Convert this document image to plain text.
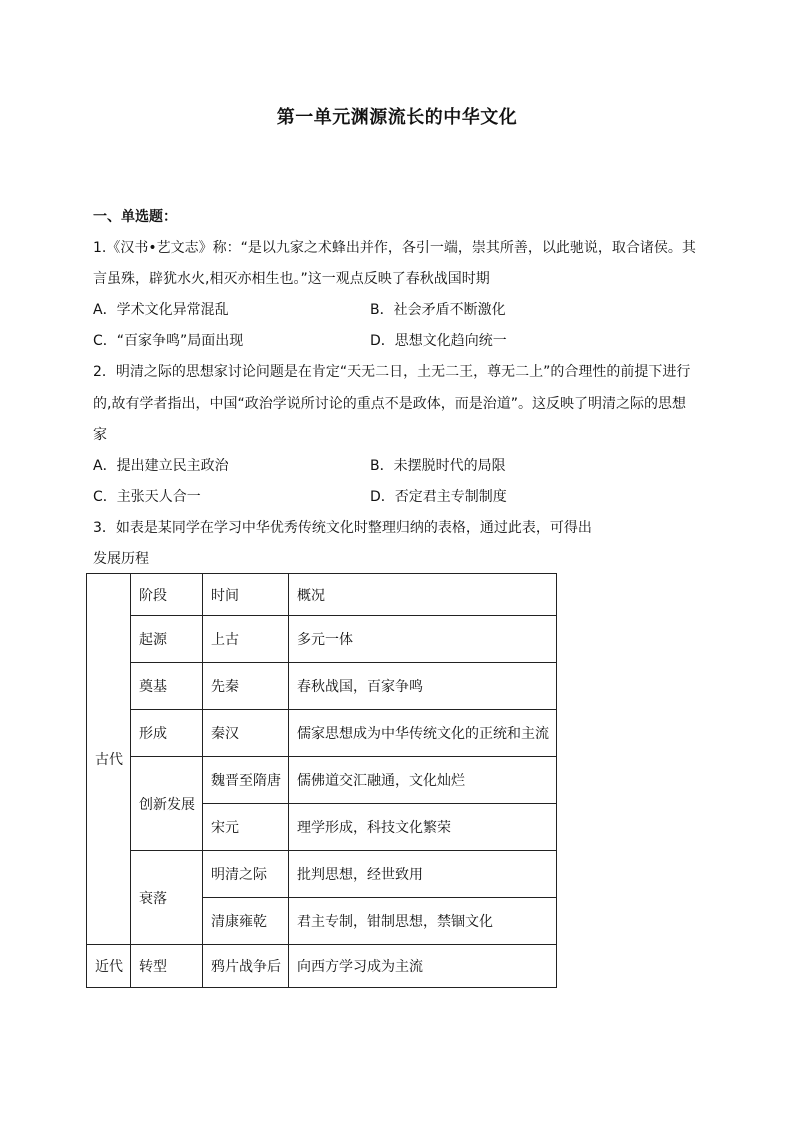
第一单元渊源流长的中华文化
一、单选题：
1.《汉书•艺文志》称：“是以九家之术蜂出并作，各引一端，崇其所善，以此驰说，取合诸侯。其
言虽殊，辟犹水火,相灭亦相生也。”这一观点反映了春秋战国时期
A．学术文化异常混乱	B．社会矛盾不断激化
C．“百家争鸣”局面出现	D．思想文化趋向统一
2．明清之际的思想家讨论问题是在肯定“天无二日，土无二王，尊无二上”的合理性的前提下进行
的,故有学者指出，中国“政治学说所讨论的重点不是政体，而是治道”。这反映了明清之际的思想
家
A．提出建立民主政治	B．未摆脱时代的局限
C．主张天人合一	D．否定君主专制制度
3．如表是某同学在学习中华优秀传统文化时整理归纳的表格，通过此表，可得出
发展历程
古代	阶段	时间	概况
	起源	上古	多元一体
	奠基	先秦	春秋战国，百家争鸣
	形成	秦汉	儒家思想成为中华传统文化的正统和主流
	创新发展	魏晋至隋唐	儒佛道交汇融通，文化灿烂
		宋元	理学形成，科技文化繁荣
	衰落	明清之际	批判思想，经世致用
		清康雍乾	君主专制，钳制思想，禁锢文化
近代	转型	鸦片战争后	向西方学习成为主流
